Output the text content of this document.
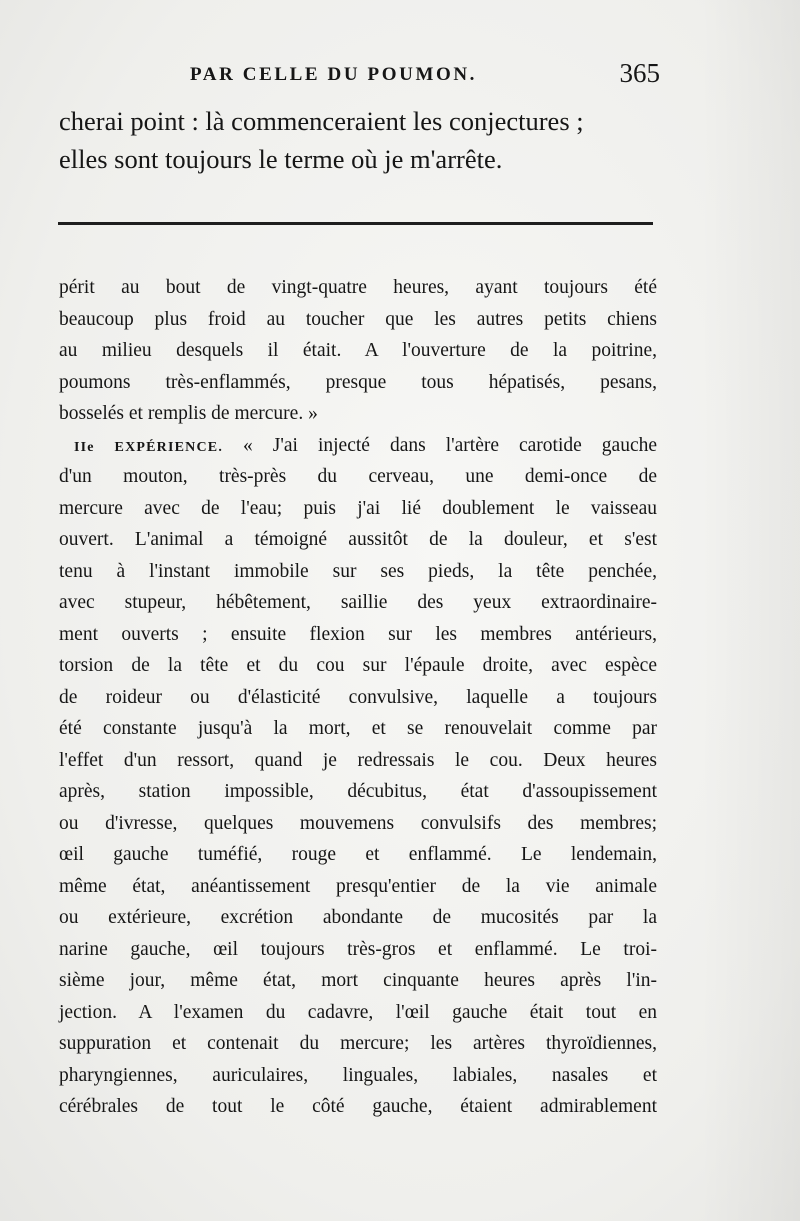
PAR CELLE DU POUMON.	365
cherai point : là commenceraient les conjectures ;
elles sont toujours le terme où je m'arrête.
périt au bout de vingt-quatre heures, ayant toujours été
beaucoup plus froid au toucher que les autres petits chiens
au milieu desquels il était. A l'ouverture de la poitrine,
poumons très-enflammés, presque tous hépatisés, pesans,
bosselés et remplis de mercure. »
IIe EXPÉRIENCE. « J'ai injecté dans l'artère carotide gauche
d'un mouton, très-près du cerveau, une demi-once de
mercure avec de l'eau; puis j'ai lié doublement le vaisseau
ouvert. L'animal a témoigné aussitôt de la douleur, et s'est
tenu à l'instant immobile sur ses pieds, la tête penchée,
avec stupeur, hébêtement, saillie des yeux extraordinaire-
ment ouverts ; ensuite flexion sur les membres antérieurs,
torsion de la tête et du cou sur l'épaule droite, avec espèce
de roideur ou d'élasticité convulsive, laquelle a toujours
été constante jusqu'à la mort, et se renouvelait comme par
l'effet d'un ressort, quand je redressais le cou. Deux heures
après, station impossible, décubitus, état d'assoupissement
ou d'ivresse, quelques mouvemens convulsifs des membres;
œil gauche tuméfié, rouge et enflammé. Le lendemain,
même état, anéantissement presqu'entier de la vie animale
ou extérieure, excrétion abondante de mucosités par la
narine gauche, œil toujours très-gros et enflammé. Le troi-
sième jour, même état, mort cinquante heures après l'in-
jection. A l'examen du cadavre, l'œil gauche était tout en
suppuration et contenait du mercure; les artères thyroïdiennes,
pharyngiennes, auriculaires, linguales, labiales, nasales et
cérébrales de tout le côté gauche, étaient admirablement
